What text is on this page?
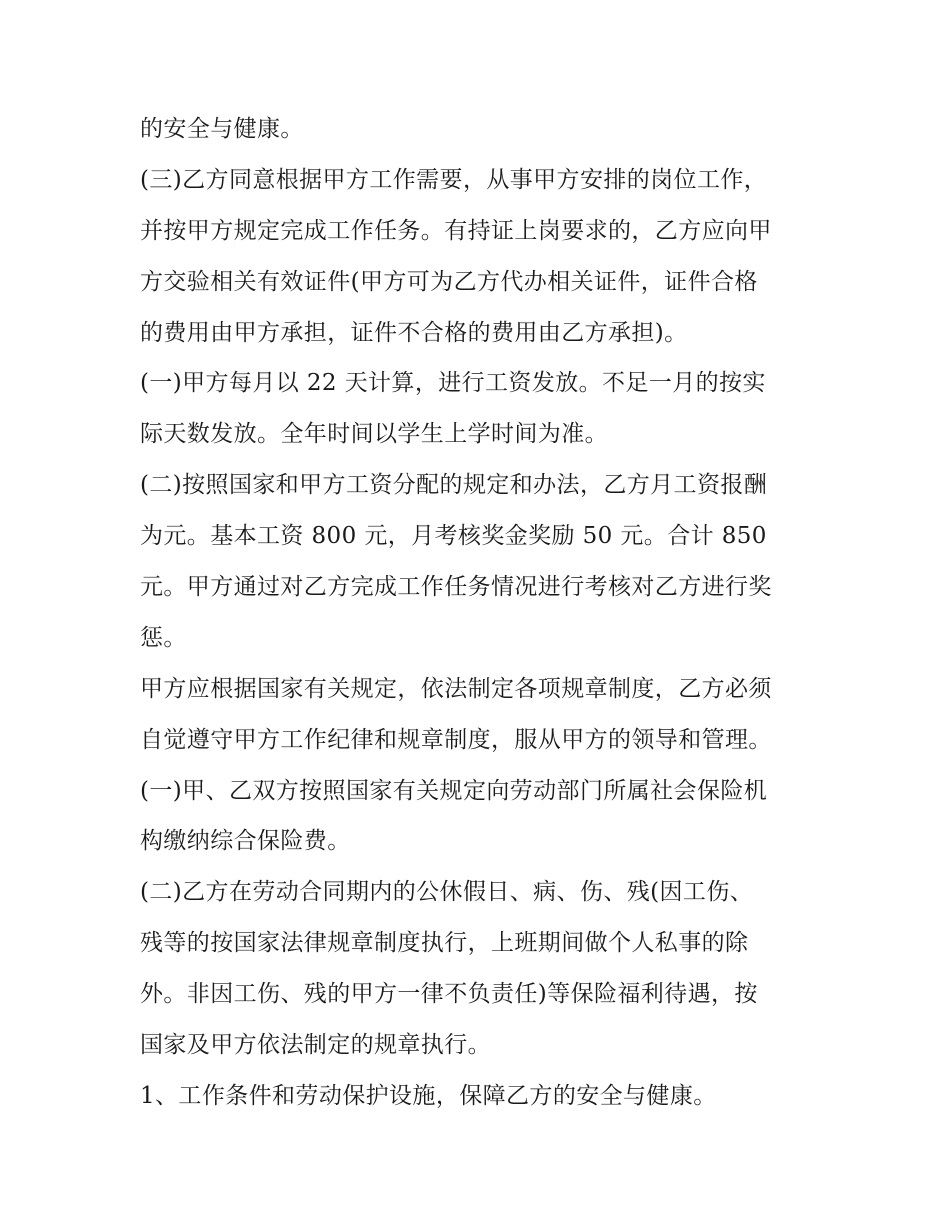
的安全与健康。
(三)乙方同意根据甲方工作需要，从事甲方安排的岗位工作，
并按甲方规定完成工作任务。有持证上岗要求的，乙方应向甲
方交验相关有效证件(甲方可为乙方代办相关证件，证件合格
的费用由甲方承担，证件不合格的费用由乙方承担)。
(一)甲方每月以 22 天计算，进行工资发放。不足一月的按实
际天数发放。全年时间以学生上学时间为准。
(二)按照国家和甲方工资分配的规定和办法，乙方月工资报酬
为元。基本工资 800 元，月考核奖金奖励 50 元。合计 850
元。甲方通过对乙方完成工作任务情况进行考核对乙方进行奖
惩。
甲方应根据国家有关规定，依法制定各项规章制度，乙方必须
自觉遵守甲方工作纪律和规章制度，服从甲方的领导和管理。
(一)甲、乙双方按照国家有关规定向劳动部门所属社会保险机
构缴纳综合保险费。
(二)乙方在劳动合同期内的公休假日、病、伤、残(因工伤、
残等的按国家法律规章制度执行，上班期间做个人私事的除
外。非因工伤、残的甲方一律不负责任)等保险福利待遇，按
国家及甲方依法制定的规章执行。
1、工作条件和劳动保护设施，保障乙方的安全与健康。
